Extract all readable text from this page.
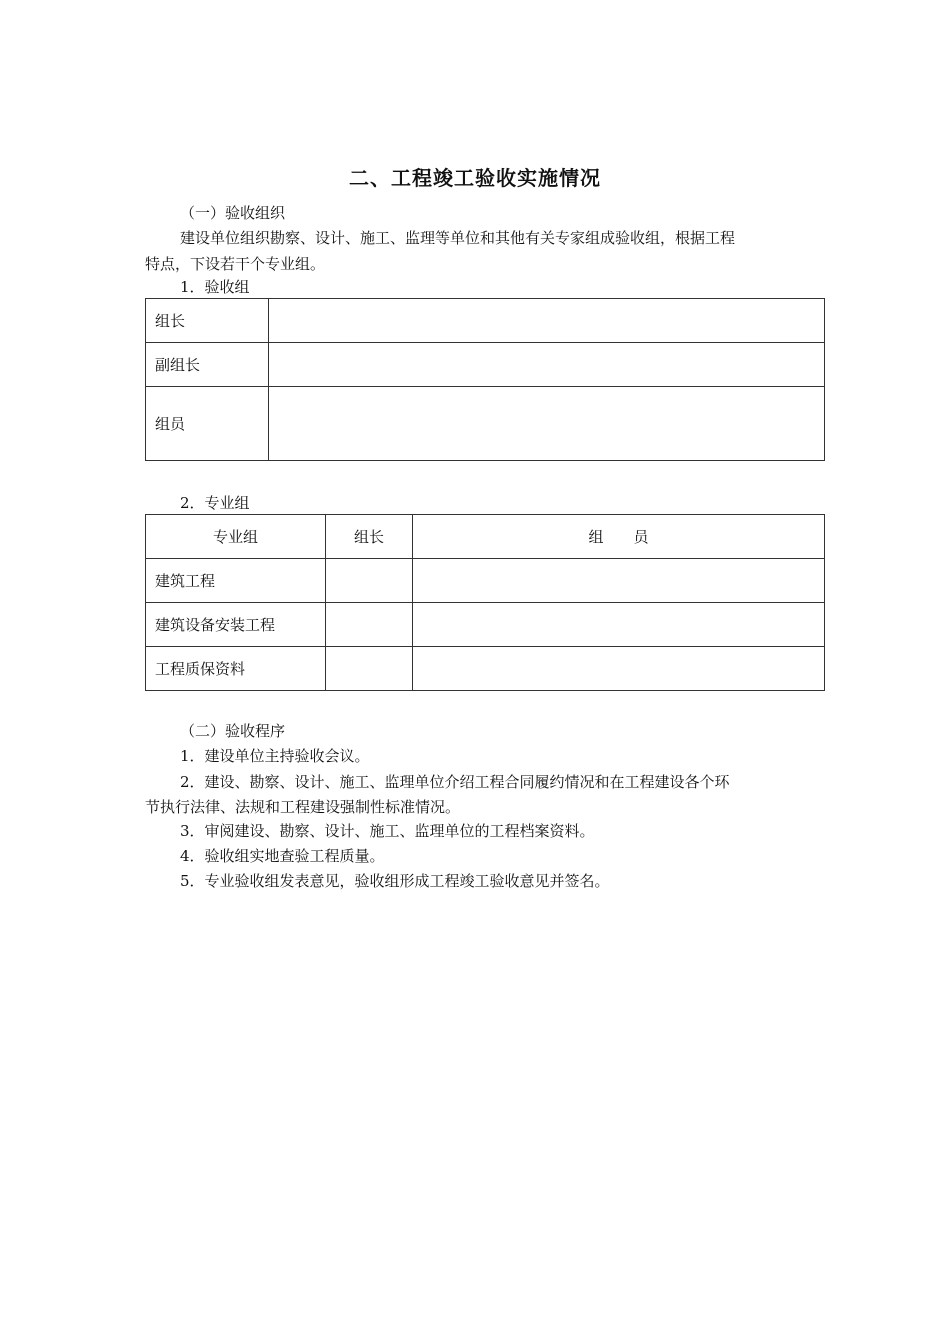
二、工程竣工验收实施情况
（一）验收组织
建设单位组织勘察、设计、施工、监理等单位和其他有关专家组成验收组，根据工程
特点，下设若干个专业组。
1．验收组
组长	
副组长	
组员	
2．专业组
专业组	组长	组　　员
建筑工程		
建筑设备安装工程		
工程质保资料		
（二）验收程序
1．建设单位主持验收会议。
2．建设、勘察、设计、施工、监理单位介绍工程合同履约情况和在工程建设各个环
节执行法律、法规和工程建设强制性标准情况。
3．审阅建设、勘察、设计、施工、监理单位的工程档案资料。
4．验收组实地查验工程质量。
5．专业验收组发表意见，验收组形成工程竣工验收意见并签名。
